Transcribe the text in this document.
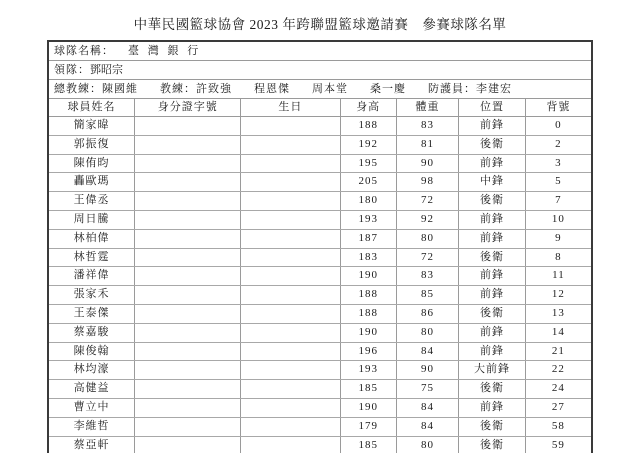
中華民國籃球協會 2023 年跨聯盟籃球邀請賽　參賽球隊名單
球隊名稱： 臺 灣 銀 行
領隊：鄧昭宗
總教練：陳國維 教練：許致強 程恩傑 周本堂 桑一慶 防護員：李建宏
球員姓名	身分證字號	生日	身高	體重	位置	背號
簡家暐			188	83	前鋒	0
郭振復			192	81	後衛	2
陳侑昀			195	90	前鋒	3
轟歐瑪			205	98	中鋒	5
王偉丞			180	72	後衛	7
周日騰			193	92	前鋒	10
林柏偉			187	80	前鋒	9
林哲霆			183	72	後衛	8
潘祥偉			190	83	前鋒	11
張家禾			188	85	前鋒	12
王泰傑			188	86	後衛	13
蔡嘉駿			190	80	前鋒	14
陳俊翰			196	84	前鋒	21
林均濠			193	90	大前鋒	22
高健益			185	75	後衛	24
曹立中			190	84	前鋒	27
李維哲			179	84	後衛	58
蔡亞軒			185	80	後衛	59
